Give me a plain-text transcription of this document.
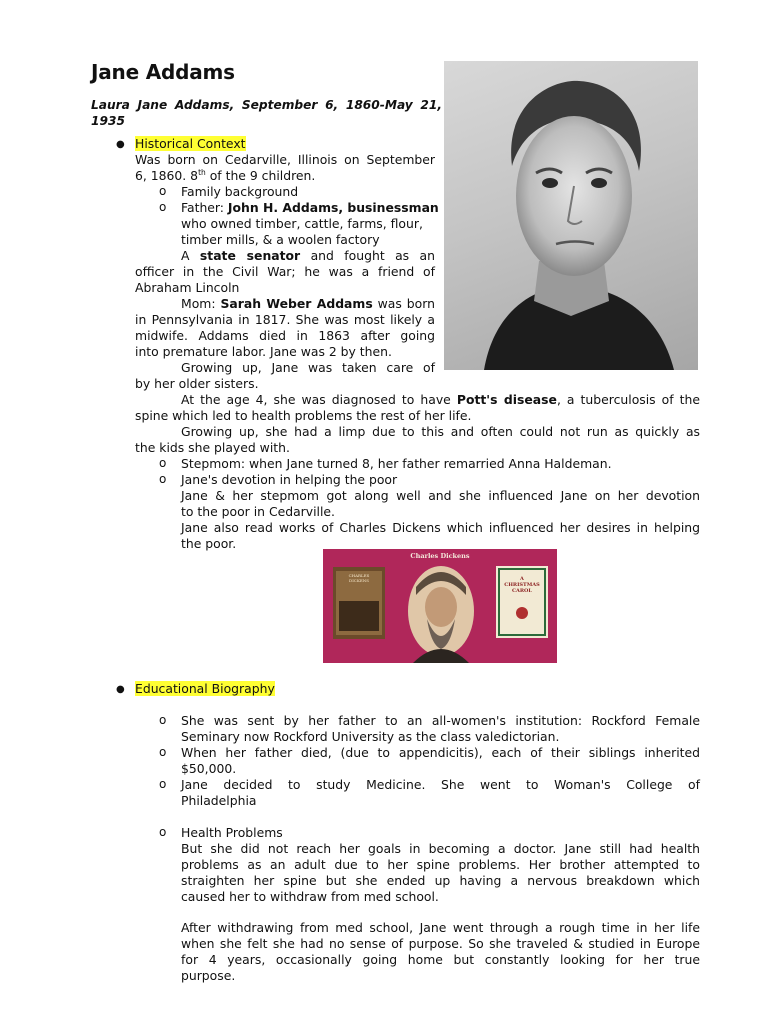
Jane Addams
Laura Jane Addams, September 6, 1860-May 21,
1935
● Historical Context
Was born on Cedarville, Illinois on September
6, 1860. 8th of the 9 children.
o Family background
o Father: John H. Addams, businessman
who owned timber, cattle, farms, flour,
timber mills, & a woolen factory
A state senator and fought as an
officer in the Civil War; he was a friend of
Abraham Lincoln
Mom: Sarah Weber Addams was born
in Pennsylvania in 1817. She was most likely a
midwife. Addams died in 1863 after going
into premature labor. Jane was 2 by then.
Growing up, Jane was taken care of
by her older sisters.
At the age 4, she was diagnosed to have Pott's disease, a tuberculosis of the
spine which led to health problems the rest of her life.
Growing up, she had a limp due to this and often could not run as quickly as
the kids she played with.
o Stepmom: when Jane turned 8, her father remarried Anna Haldeman.
o Jane's devotion in helping the poor
Jane & her stepmom got along well and she influenced Jane on her devotion
to the poor in Cedarville.
Jane also read works of Charles Dickens which influenced her desires in helping
the poor.
Charles Dickens
CHARLES DICKENS	A CHRISTMAS CAROL
● Educational Biography
o She was sent by her father to an all-women's institution: Rockford Female
Seminary now Rockford University as the class valedictorian.
o When her father died, (due to appendicitis), each of their siblings inherited
$50,000.
o Jane decided to study Medicine. She went to Woman's College of
Philadelphia
o Health Problems
But she did not reach her goals in becoming a doctor. Jane still had health
problems as an adult due to her spine problems. Her brother attempted to
straighten her spine but she ended up having a nervous breakdown which
caused her to withdraw from med school.
After withdrawing from med school, Jane went through a rough time in her life
when she felt she had no sense of purpose. So she traveled & studied in Europe
for 4 years, occasionally going home but constantly looking for her true
purpose.
